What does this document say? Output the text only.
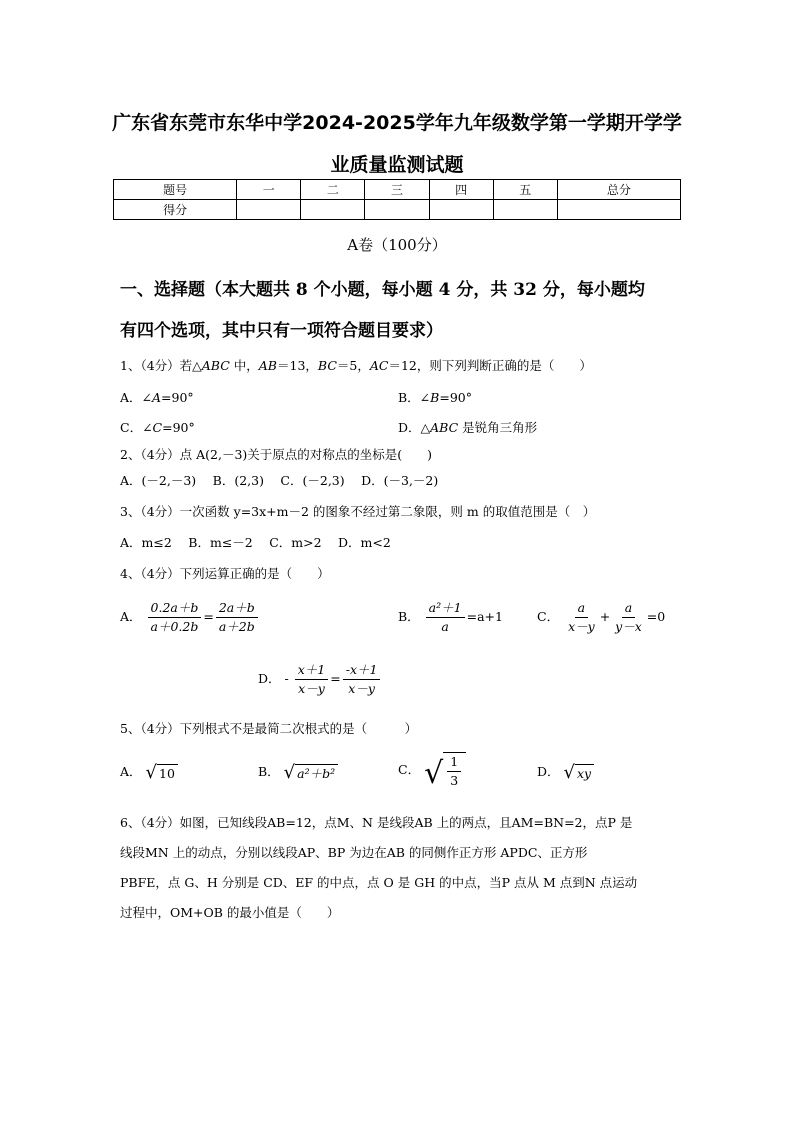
广东省东莞市东华中学2024-2025学年九年级数学第一学期开学学
业质量监测试题
题号	一	二	三	四	五	总分
得分						
A卷（100分）
一、选择题（本大题共 8 个小题，每小题 4 分，共 32 分，每小题均
有四个选项，其中只有一项符合题目要求）
1、（4分）若△ABC 中，AB＝13，BC＝5，AC＝12，则下列判断正确的是（　　）
A．∠A=90°	B．∠B=90°
C．∠C=90°	D．△ABC 是锐角三角形
2、（4分）点 A(2,－3)关于原点的对称点的坐标是(　　)
A．(－2,－3)　 B．(2,3)　 C．(－2,3)　 D．(－3,－2)
3、（4分）一次函数 y=3x+m－2 的图象不经过第二象限，则 m 的取值范围是（　）
A．m≤2　 B．m≤－2　 C．m>2　 D．m<2
4、（4分）下列运算正确的是（　　）
A． $\frac{0.2a+b}{a+0.2b} = \frac{2a+b}{a+2b}$	B． $\frac{\text{a²＋1}}{a} =a+1$	C． $\frac{a}{x-y} + \frac{a}{y-x} =0$
D． - $\frac{x+1}{x-y} = \frac{-x+1}{x-y}$
5、（4分）下列根式不是最简二次根式的是（　　　）
A． √ 10	B． √ a²＋b²	C． √ $\frac{1}{3}$	D． √ xy
6、（4分）如图，已知线段AB=12，点M、N 是线段AB 上的两点，且AM=BN=2，点P 是
线段MN 上的动点，分别以线段AP、BP 为边在AB 的同侧作正方形 APDC、正方形
PBFE，点 G、H 分别是 CD、EF 的中点，点 O 是 GH 的中点，当P 点从 M 点到N 点运动
过程中，OM+OB 的最小值是（　　）
